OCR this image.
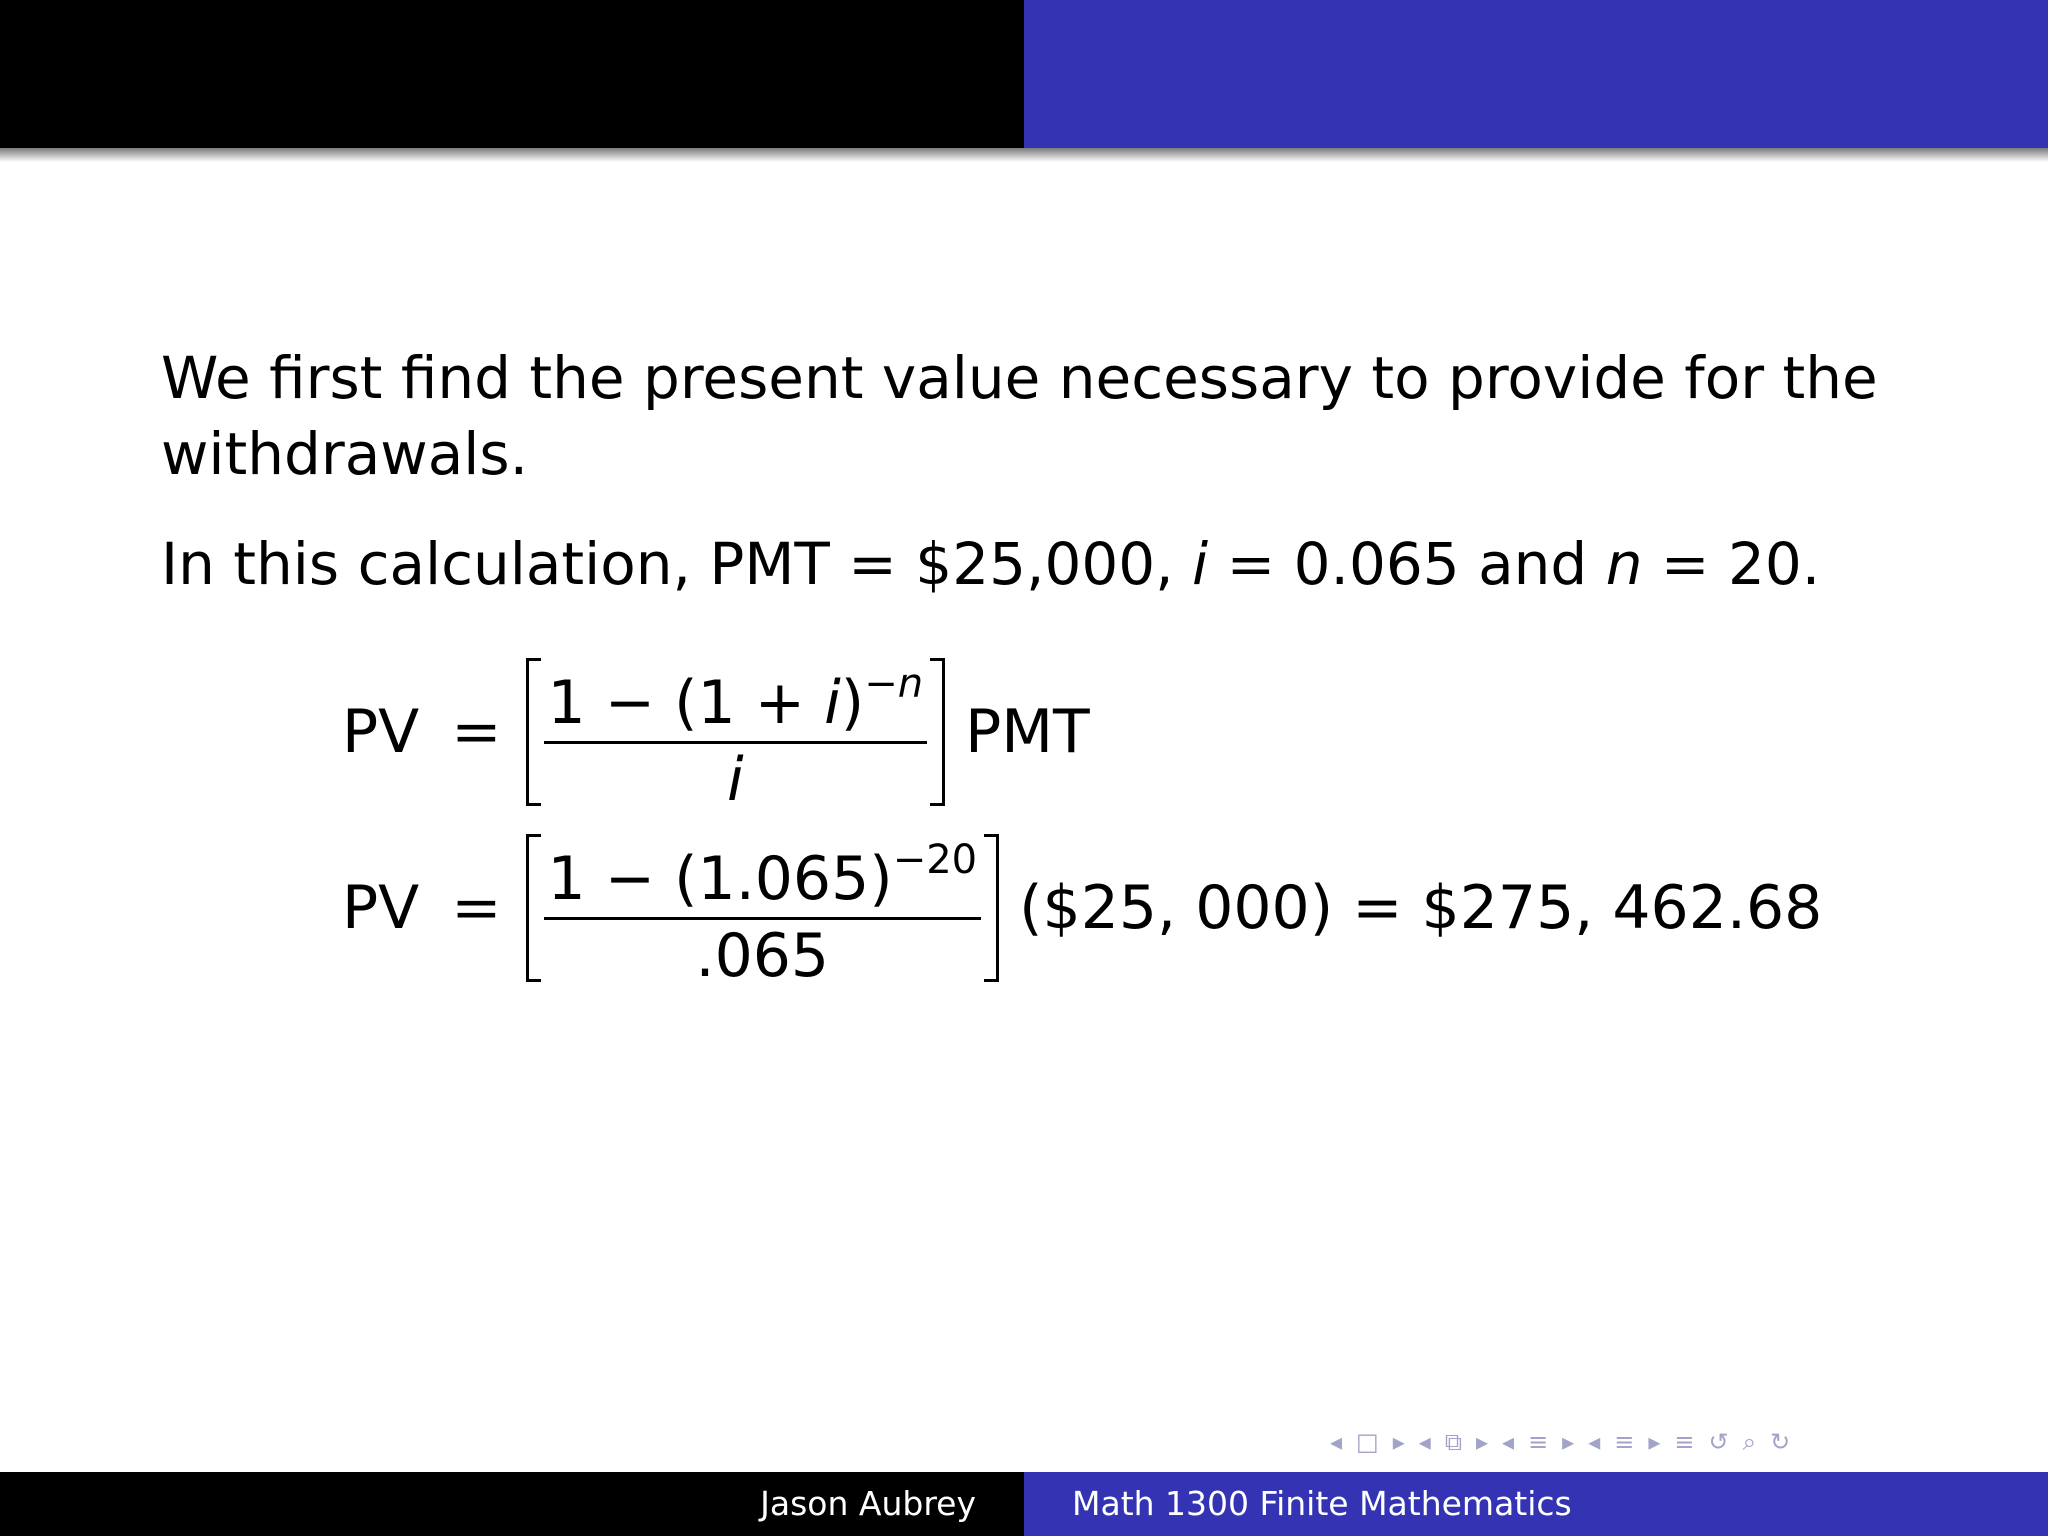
We first find the present value necessary to provide for the
withdrawals.
In this calculation, PMT = $25,000, i = 0.065 and n = 20.
PV = $\frac{1 - (1 + i)^{-n}}{i}$ PMT
PV = $\frac{1 - (1.065)^{-20}}{.065}$ ($25, 000) = $275, 462.68
◂ □ ▸ ◂ ⧉ ▸ ◂ ≡ ▸ ◂ ≡ ▸ ≡ ↺ ⌕ ↻
Jason Aubrey	Math 1300 Finite Mathematics
